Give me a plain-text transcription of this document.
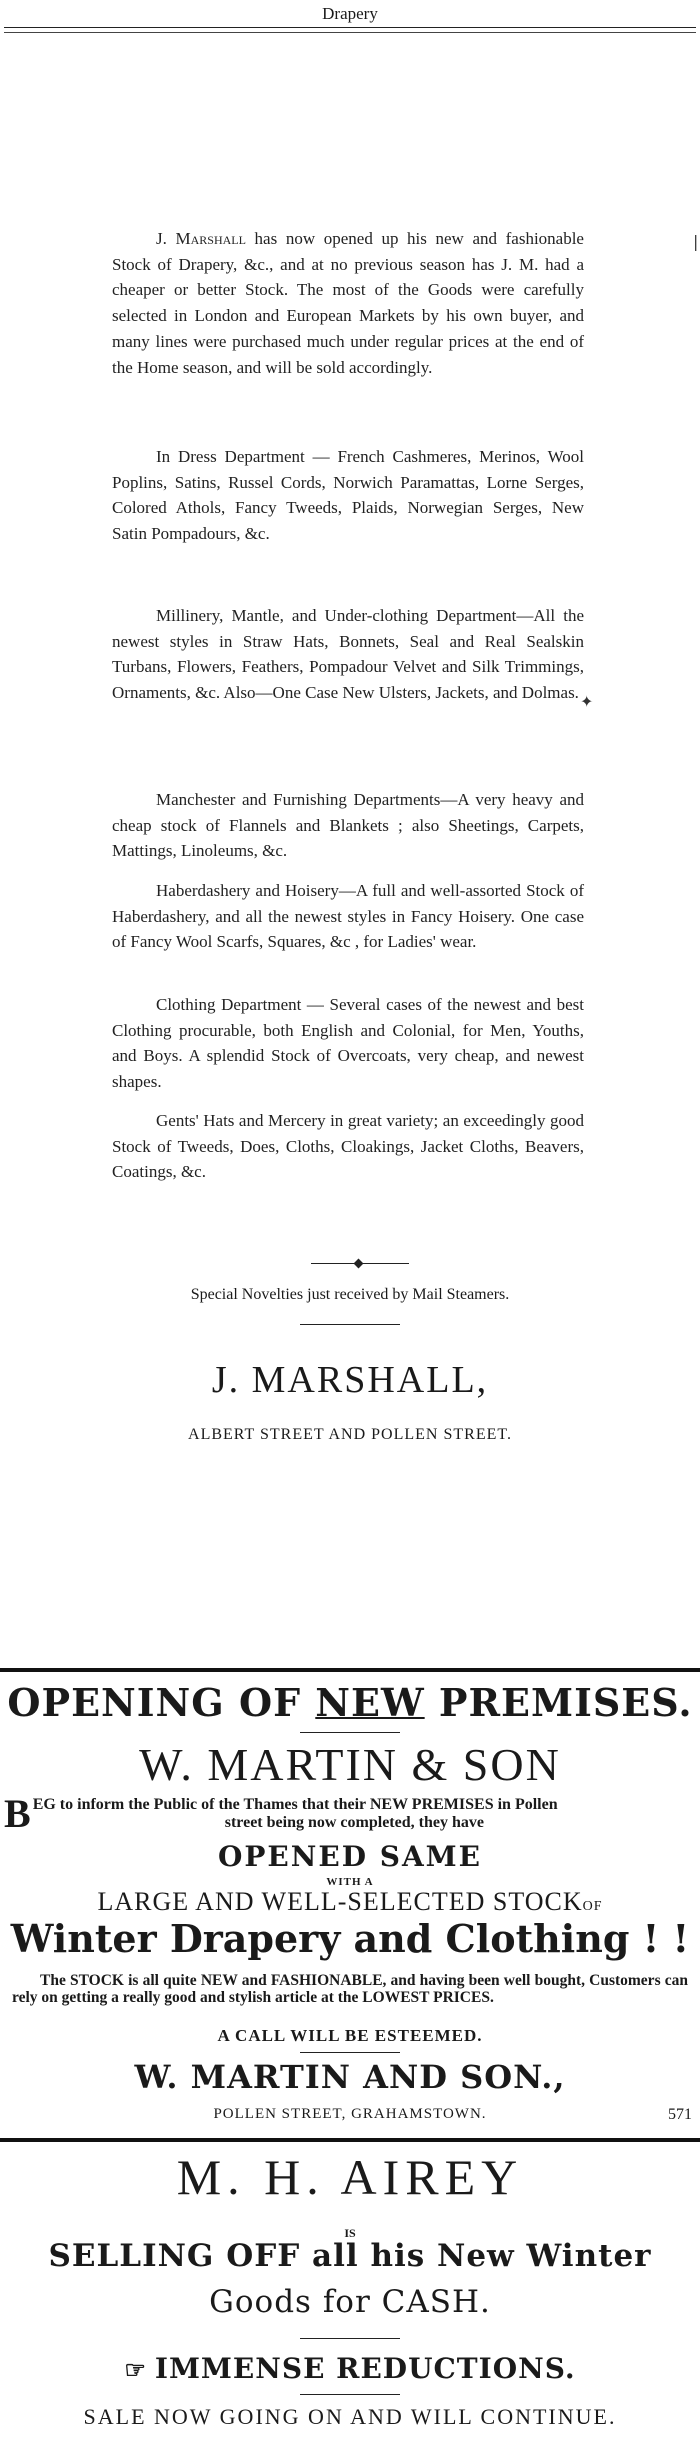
Drapery

J. Marshall has now opened up his new and fashionable Stock of Drapery, &c., and at no previous season has J. M. had a cheaper or better Stock. The most of the Goods were carefully selected in London and European Markets by his own buyer, and many lines were purchased much under regular prices at the end of the Home season, and will be sold accordingly.

In Dress Department — French Cashmeres, Merinos, Wool Poplins, Satins, Russel Cords, Norwich Paramattas, Lorne Serges, Colored Athols, Fancy Tweeds, Plaids, Norwegian Serges, New Satin Pompadours, &c.

Millinery, Mantle, and Under-clothing Department—All the newest styles in Straw Hats, Bonnets, Seal and Real Sealskin Turbans, Flowers, Feathers, Pompadour Velvet and Silk Trimmings, Ornaments, &c. Also—One Case New Ulsters, Jackets, and Dolmas.

Manchester and Furnishing Departments—A very heavy and cheap stock of Flannels and Blankets ; also Sheetings, Carpets, Mattings, Linoleums, &c.

Haberdashery and Hoisery—A full and well-assorted Stock of Haberdashery, and all the newest styles in Fancy Hoisery. One case of Fancy Wool Scarfs, Squares, &c , for Ladies' wear.

Clothing Department — Several cases of the newest and best Clothing procurable, both English and Colonial, for Men, Youths, and Boys. A splendid Stock of Overcoats, very cheap, and newest shapes.

Gents' Hats and Mercery in great variety; an exceedingly good Stock of Tweeds, Does, Cloths, Cloakings, Jacket Cloths, Beavers, Coatings, &c.

|
✦
Special Novelties just received by Mail Steamers.
J. MARSHALL,
ALBERT STREET AND POLLEN STREET.
OPENING OF NEW PREMISES.
W. MARTIN & SON
B EG to inform the Public of the Thames that their NEW PREMISES in Pollen
street being now completed, they have
OPENED SAME
WITH A
LARGE AND WELL-SELECTED STOCKOF
Winter Drapery and Clothing ! !
The STOCK is all quite NEW and FASHIONABLE, and having been well bought, Customers can rely on getting a really good and stylish article at the LOWEST PRICES.
A CALL WILL BE ESTEEMED.
W. MARTIN AND SON.,
POLLEN STREET, GRAHAMSTOWN.	571
M. H. AIREY
IS
SELLING OFF all his New Winter
Goods for CASH.
☞ IMMENSE REDUCTIONS.
SALE NOW GOING ON AND WILL CONTINUE.
